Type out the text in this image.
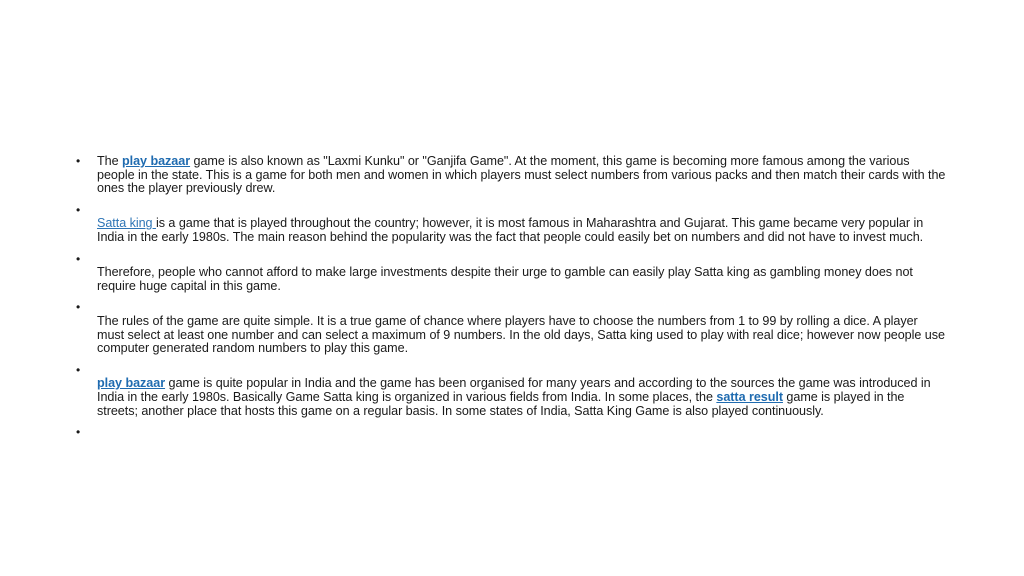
• The play bazaar game is also known as "Laxmi Kunku" or "Ganjifa Game". At the moment, this game is becoming more famous among the various people in the state. This is a game for both men and women in which players must select numbers from various packs and then match their cards with the ones the player previously drew.
•
Satta king is a game that is played throughout the country; however, it is most famous in Maharashtra and Gujarat. This game became very popular in India in the early 1980s. The main reason behind the popularity was the fact that people could easily bet on numbers and did not have to invest much.
•
Therefore, people who cannot afford to make large investments despite their urge to gamble can easily play Satta king as gambling money does not require huge capital in this game.
•
The rules of the game are quite simple. It is a true game of chance where players have to choose the numbers from 1 to 99 by rolling a dice. A player must select at least one number and can select a maximum of 9 numbers. In the old days, Satta king used to play with real dice; however now people use computer generated random numbers to play this game.
•
play bazaar game is quite popular in India and the game has been organised for many years and according to the sources the game was introduced in India in the early 1980s. Basically Game Satta king is organized in various fields from India. In some places, the satta result game is played in the streets; another place that hosts this game on a regular basis. In some states of India, Satta King Game is also played continuously.
•
